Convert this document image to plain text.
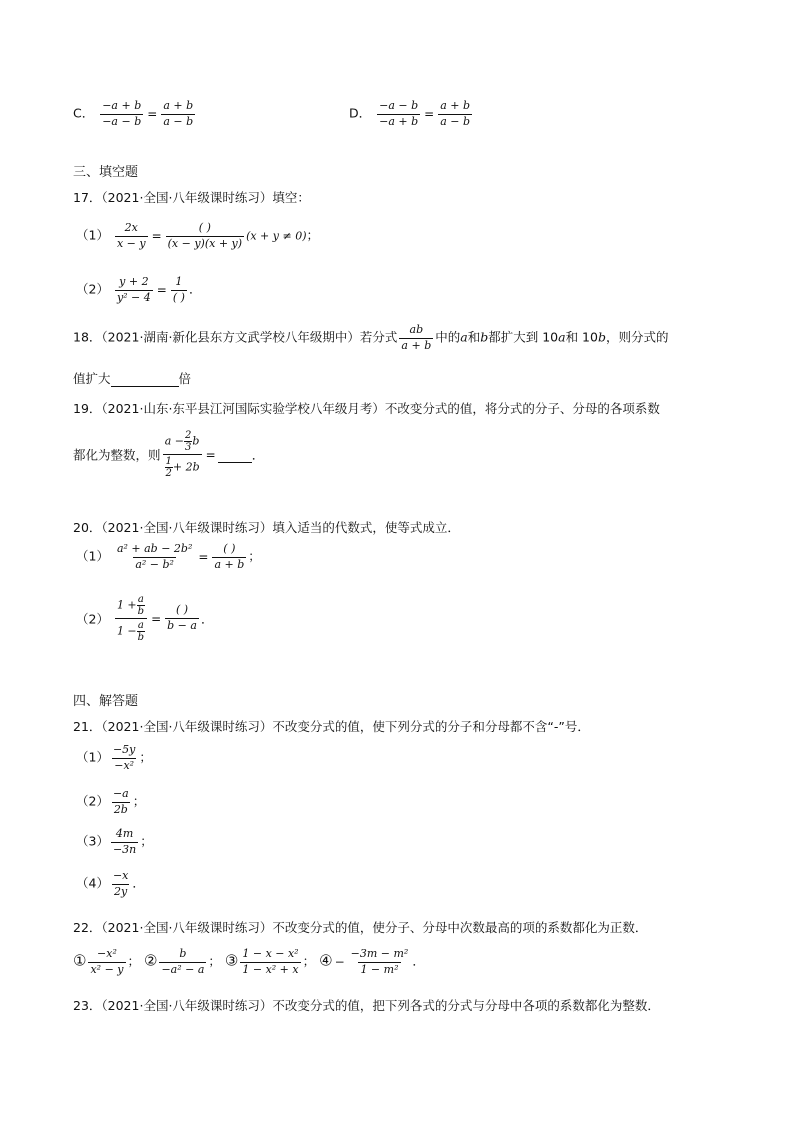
C． $\frac{-a + b}{-a - b} = \frac{a + b}{a - b}$	D． $\frac{-a - b}{-a + b} = \frac{a + b}{a - b}$
三、填空题
17．（2021·全国·八年级课时练习）填空：
$(1) \frac{2x}{x - y} = \frac{( )}{(x - y)(x + y)} (x + y \ne 0)$；
$(2) \frac{y + 2}{\text{y² − 4}} = \frac{1}{( )}$ ．
18．（2021·湖南·新化县东方文武学校八年级期中）若分式 $\frac{ab}{a + b}$ 中的a和b都扩大到 10a和 10b，则分式的
值扩大	倍
19．（2021·山东·东平县江河国际实验学校八年级月考）不改变分式的值，将分式的分子、分母的各项系数
都化为整数，则 $\frac{a - \frac{2}{3} b}{\frac{1}{2} + 2b}$ =	．
20．（2021·全国·八年级课时练习）填入适当的代数式，使等式成立．
$(1) \frac{\text{a² + ab − 2b²}}{\text{a² − b²}} = \frac{( )}{a + b}$ ；
$(2) \frac{1 + \frac{a}{b}}{1 - \frac{a}{b}} = \frac{( )}{b - a}$ ．
四、解答题
21．（2021·全国·八年级课时练习）不改变分式的值，使下列分式的分子和分母都不含“-”号．
$(1) \frac{-5y}{\text{−x²}}$ ；
$(2) \frac{-a}{2b}$ ；
$(3) \frac{4m}{-3n}$ ；
$(4) \frac{-x}{2y}$ ．
22．（2021·全国·八年级课时练习）不改变分式的值，使分子、分母中次数最高的项的系数都化为正数．
① $\frac{\text{−x²}}{\text{x² − y}}$ ； ② $\frac{b}{\text{−a² − a}}$ ； ③ $\frac{\text{1 − x − x²}}{\text{1 − x² + x}}$ ； ④ − $\frac{\text{−3m − m²}}{\text{1 − m²}}$ ．
23．（2021·全国·八年级课时练习）不改变分式的值，把下列各式的分式与分母中各项的系数都化为整数．
